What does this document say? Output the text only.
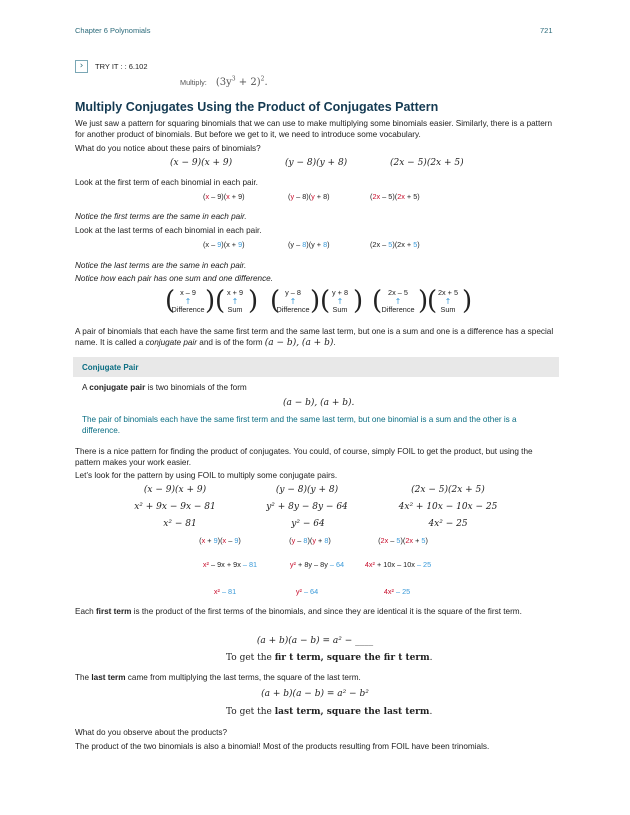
Chapter 6 Polynomials	721
›	TRY IT : : 6.102
Multiply: $(3y^3 + 2)^2$.
Multiply Conjugates Using the Product of Conjugates Pattern
We just saw a pattern for squaring binomials that we can use to make multiplying some binomials easier. Similarly, there is a pattern for another product of binomials. But before we get to it, we need to introduce some vocabulary.
What do you notice about these pairs of binomials?
(x − 9)(x + 9)	(y − 8)(y + 8)	(2x − 5)(2x + 5)
Look at the first term of each binomial in each pair.
(x – 9)(x + 9)	(y – 8)(y + 8)	(2x – 5)(2x + 5)
Notice the first terms are the same in each pair.
Look at the last terms of each binomial in each pair.
(x – 9)(x + 9)	(y – 8)(y + 8)	(2x – 5)(2x + 5)
Notice the last terms are the same in each pair.
Notice how each pair has one sum and one difference.
( x – 9
↑
Difference ) ( x + 9
↑
Sum ) ( y – 8
↑
Difference ) ( y + 8
↑
Sum ) ( 2x – 5
↑
Difference )
( 2x + 5
↑
Sum )
A pair of binomials that each have the same first term and the same last term, but one is a sum and one is a difference has a special name. It is called a conjugate pair and is of the form (a − b), (a + b).
Conjugate Pair
A conjugate pair is two binomials of the form
(a − b), (a + b).
The pair of binomials each have the same first term and the same last term, but one binomial is a sum and the other is a difference.
There is a nice pattern for finding the product of conjugates. You could, of course, simply FOIL to get the product, but using the pattern makes your work easier.
Let’s look for the pattern by using FOIL to multiply some conjugate pairs.
(x − 9)(x + 9)	(y − 8)(y + 8)	(2x − 5)(2x + 5)
x² + 9x − 9x − 81	y² + 8y − 8y − 64	4x² + 10x − 10x − 25
x² − 81	y² − 64	4x² − 25
(x + 9)(x – 9)	(y – 8)(y + 8)	(2x – 5)(2x + 5)
x² – 9x + 9x – 81	y² + 8y – 8y – 64	4x² + 10x – 10x – 25
x² – 81	y² – 64	4x² – 25
Each first term is the product of the first terms of the binomials, and since they are identical it is the square of the first term.
(a + b)(a − b) = a² − ____
To get the fir t term, square the fir t term.
The last term came from multiplying the last terms, the square of the last term.
(a + b)(a − b) = a² − b²
To get the last term, square the last term.
What do you observe about the products?
The product of the two binomials is also a binomial! Most of the products resulting from FOIL have been trinomials.
